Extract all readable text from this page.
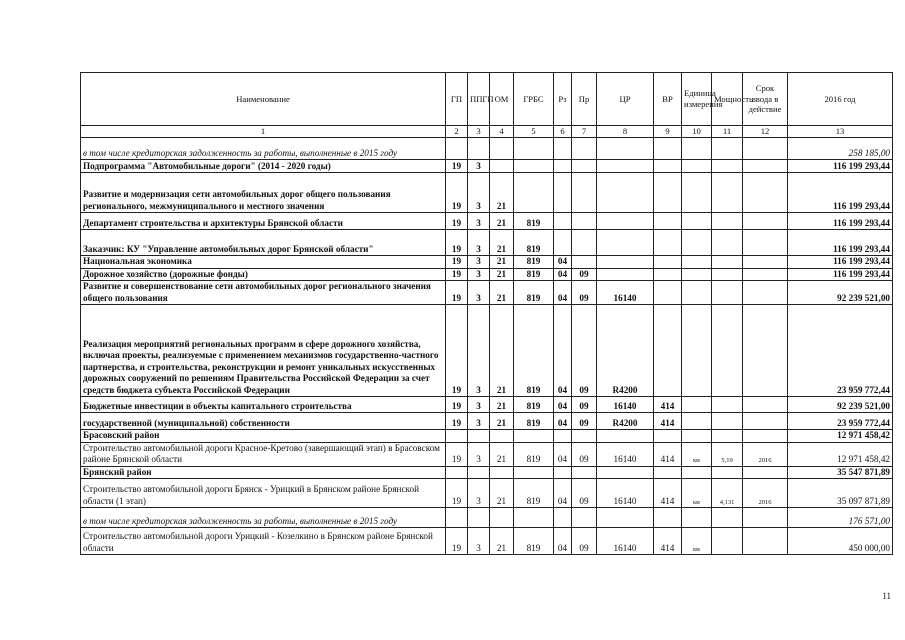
Наименование	ГП	ППГП	ОМ	ГРБС	Рз	Пр	ЦР	ВР	Единица измерения	Мощность	Срок ввода в действие	2016 год
1	2	3	4	5	6	7	8	9	10	11	12	13
в том числе кредиторская задолженность за работы, выполненные в 2015 году												258 185,00
Подпрограмма "Автомобильные дороги" (2014 - 2020 годы)	19	3										116 199 293,44
Развитие и модернизация сети автомобильных дорог общего пользования регионального, межмуниципального и местного значения	19	3	21									116 199 293,44
Департамент строительства и архитектуры Брянской области	19	3	21	819								116 199 293,44
Заказчик: КУ "Управление автомобильных дорог Брянской области"	19	3	21	819								116 199 293,44
Национальная экономика	19	3	21	819	04							116 199 293,44
Дорожное хозяйство (дорожные фонды)	19	3	21	819	04	09						116 199 293,44
Развитие и совершенствование сети автомобильных дорог регионального значения общего пользования	19	3	21	819	04	09	16140					92 239 521,00
Реализация мероприятий региональных программ в сфере дорожного хозяйства, включая проекты, реализуемые с применением механизмов государственно-частного партнерства, и строительства, реконструкции и ремонт уникальных искусственных дорожных сооружений по решениям Правительства Российской Федерации за счет средств бюджета субъекта Российской Федерации	19	3	21	819	04	09	R4200					23 959 772,44
Бюджетные инвестиции в объекты капитального строительства	19	3	21	819	04	09	16140	414				92 239 521,00
государственной (муниципальной) собственности	19	3	21	819	04	09	R4200	414				23 959 772,44
Брасовский район												12 971 458,42
Строительство автомобильной дороги Красное-Кретово (завершающий этап) в Брасовском районе Брянской области	19	3	21	819	04	09	16140	414	км	5,19	2016	12 971 458,42
Брянский район												35 547 871,89
Строительство автомобильной дороги Брянск - Урицкий в Брянском районе Брянской области (1 этап)	19	3	21	819	04	09	16140	414	км	4,131	2016	35 097 871,89
в том числе кредиторская задолженность за работы, выполненные в 2015 году												176 571,00
Строительство автомобильной дороги Урицкий - Козелкино в Брянском районе Брянской области	19	3	21	819	04	09	16140	414	км			450 000,00
11
